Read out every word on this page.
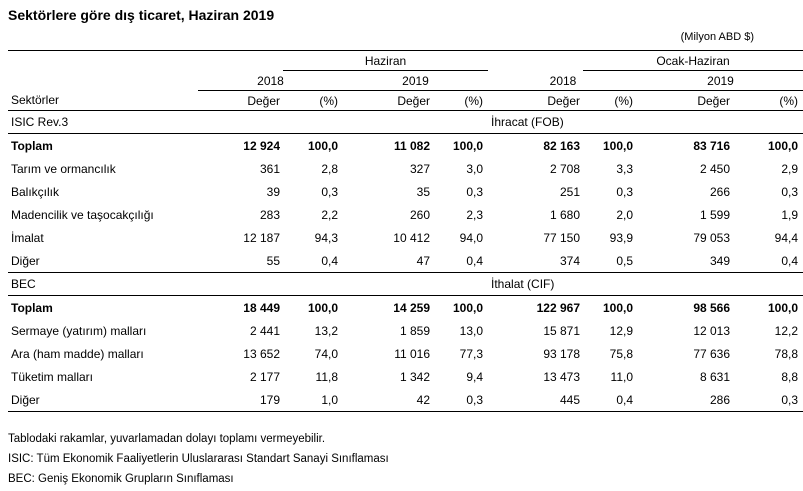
Sektörlere göre dış ticaret, Haziran 2019
(Milyon ABD $)
		Haziran				Ocak-Haziran		
	2018		2019		2018		2019	
Sektörler	Değer	(%)	Değer	(%)	Değer	(%)	Değer	(%)
ISIC Rev.3					İhracat (FOB)			
Toplam	12 924	100,0	11 082	100,0	82 163	100,0	83 716	100,0
Tarım ve ormancılık	361	2,8	327	3,0	2 708	3,3	2 450	2,9
Balıkçılık	39	0,3	35	0,3	251	0,3	266	0,3
Madencilik ve taşocakçılığı	283	2,2	260	2,3	1 680	2,0	1 599	1,9
İmalat	12 187	94,3	10 412	94,0	77 150	93,9	79 053	94,4
Diğer	55	0,4	47	0,4	374	0,5	349	0,4
BEC					İthalat (CIF)			
Toplam	18 449	100,0	14 259	100,0	122 967	100,0	98 566	100,0
Sermaye (yatırım) malları	2 441	13,2	1 859	13,0	15 871	12,9	12 013	12,2
Ara (ham madde) malları	13 652	74,0	11 016	77,3	93 178	75,8	77 636	78,8
Tüketim malları	2 177	11,8	1 342	9,4	13 473	11,0	8 631	8,8
Diğer	179	1,0	42	0,3	445	0,4	286	0,3
Tablodaki rakamlar, yuvarlamadan dolayı toplamı vermeyebilir.
ISIC: Tüm Ekonomik Faaliyetlerin Uluslararası Standart Sanayi Sınıflaması
BEC: Geniş Ekonomik Grupların Sınıflaması
